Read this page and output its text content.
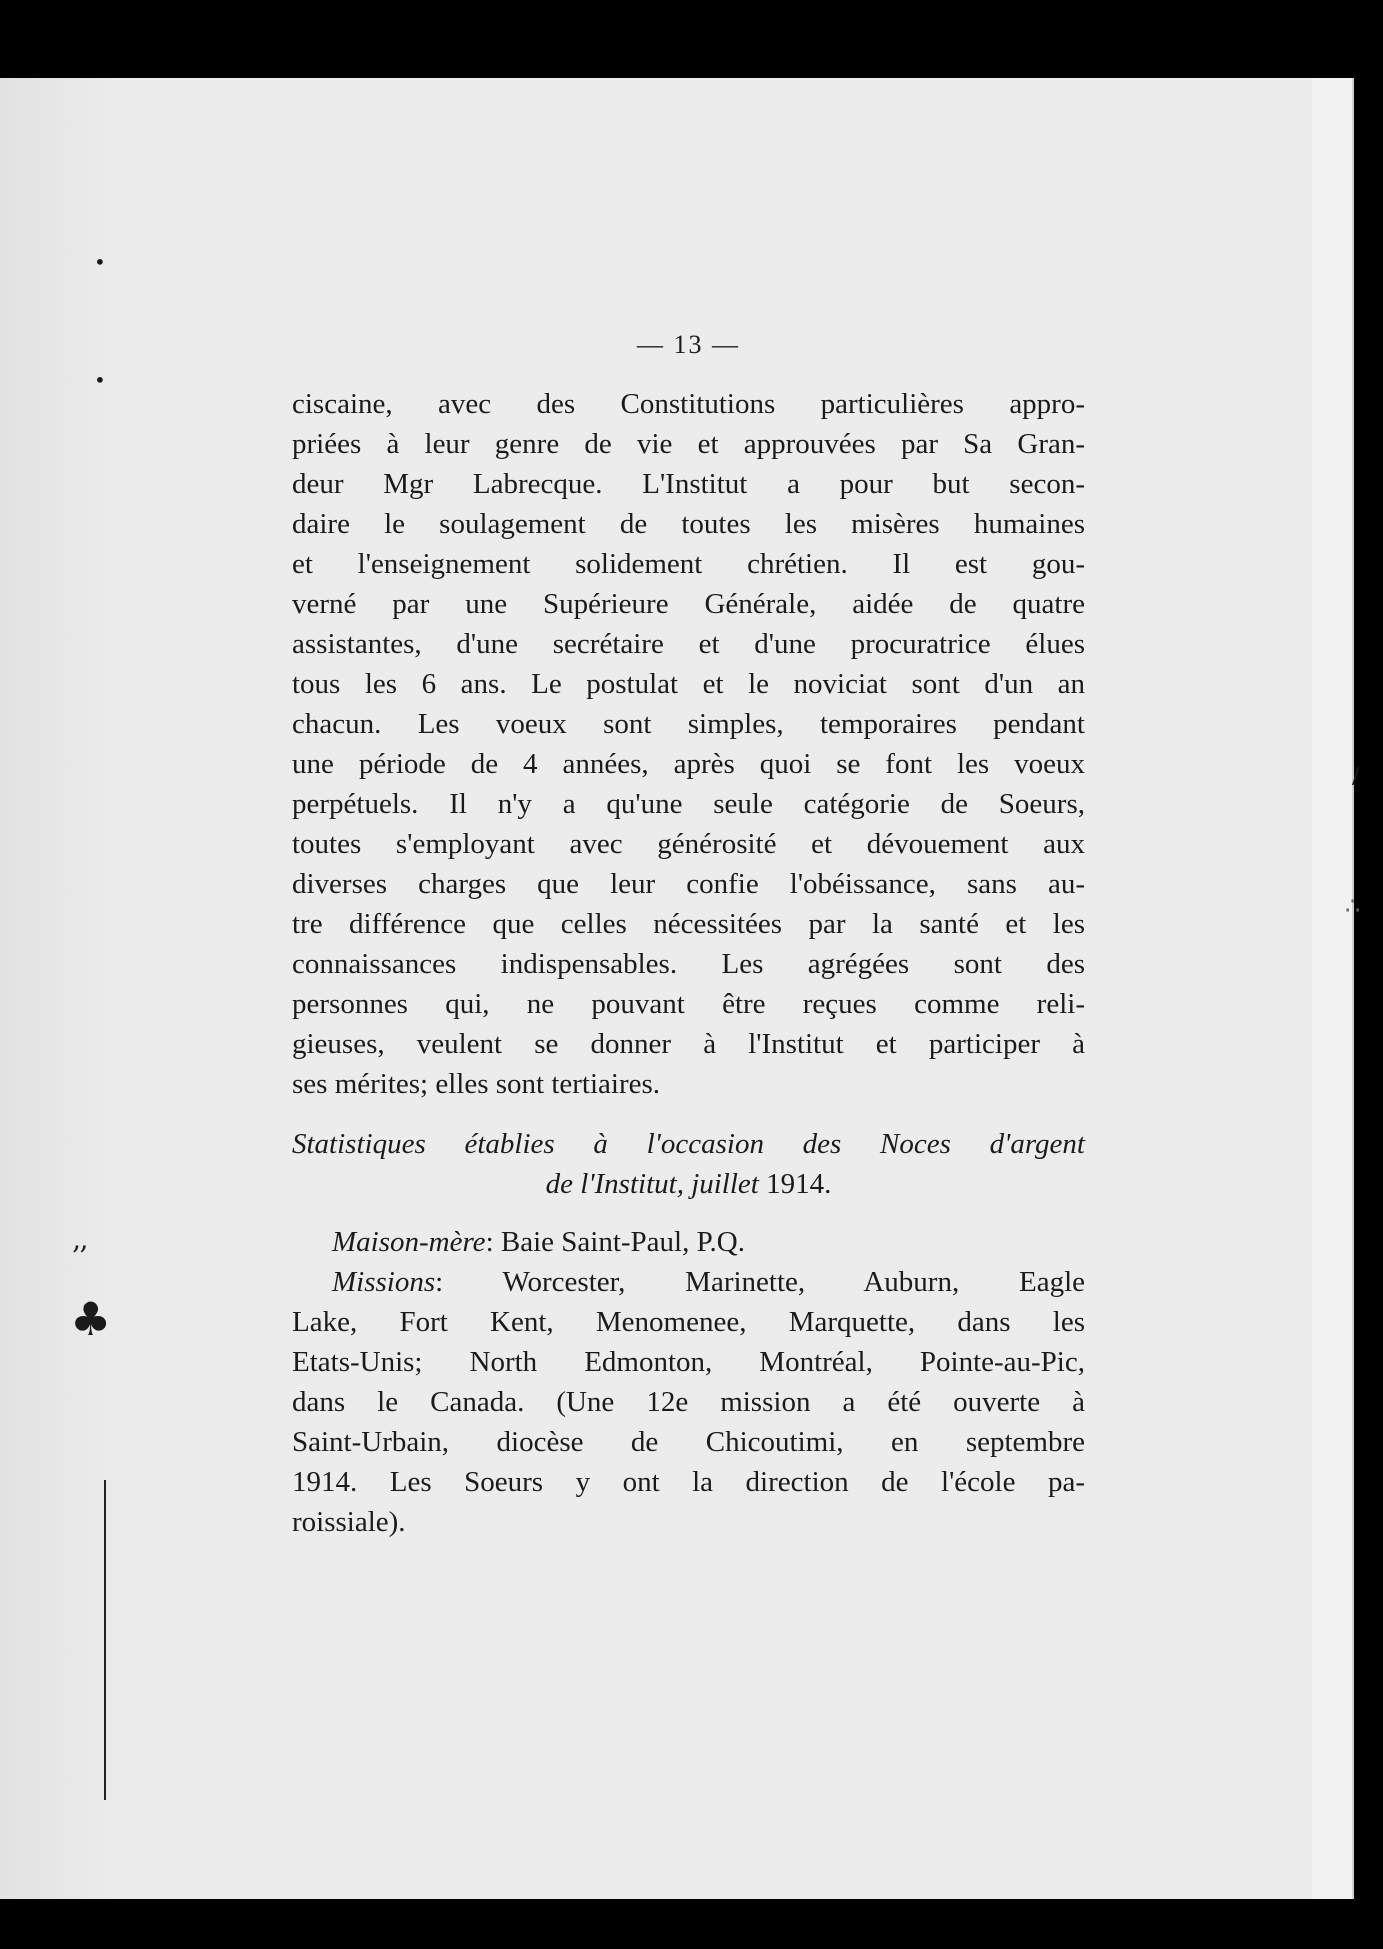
•
•
/
∴
՚՚
♣
— 13 —
ciscaine, avec des Constitutions particulières appro-
priées à leur genre de vie et approuvées par Sa Gran-
deur Mgr Labrecque. L'Institut a pour but secon-
daire le soulagement de toutes les misères humaines
et l'enseignement solidement chrétien. Il est gou-
verné par une Supérieure Générale, aidée de quatre
assistantes, d'une secrétaire et d'une procuratrice élues
tous les 6 ans. Le postulat et le noviciat sont d'un an
chacun. Les voeux sont simples, temporaires pendant
une période de 4 années, après quoi se font les voeux
perpétuels. Il n'y a qu'une seule catégorie de Soeurs,
toutes s'employant avec générosité et dévouement aux
diverses charges que leur confie l'obéissance, sans au-
tre différence que celles nécessitées par la santé et les
connaissances indispensables. Les agrégées sont des
personnes qui, ne pouvant être reçues comme reli-
gieuses, veulent se donner à l'Institut et participer à
ses mérites; elles sont tertiaires.
Statistiques établies à l'occasion des Noces d'argent
de l'Institut, juillet 1914.
Maison-mère: Baie Saint-Paul, P.Q.
Missions: Worcester, Marinette, Auburn, Eagle
Lake, Fort Kent, Menomenee, Marquette, dans les
Etats-Unis; North Edmonton, Montréal, Pointe-au-Pic,
dans le Canada. (Une 12e mission a été ouverte à
Saint-Urbain, diocèse de Chicoutimi, en septembre
1914. Les Soeurs y ont la direction de l'école pa-
roissiale).
